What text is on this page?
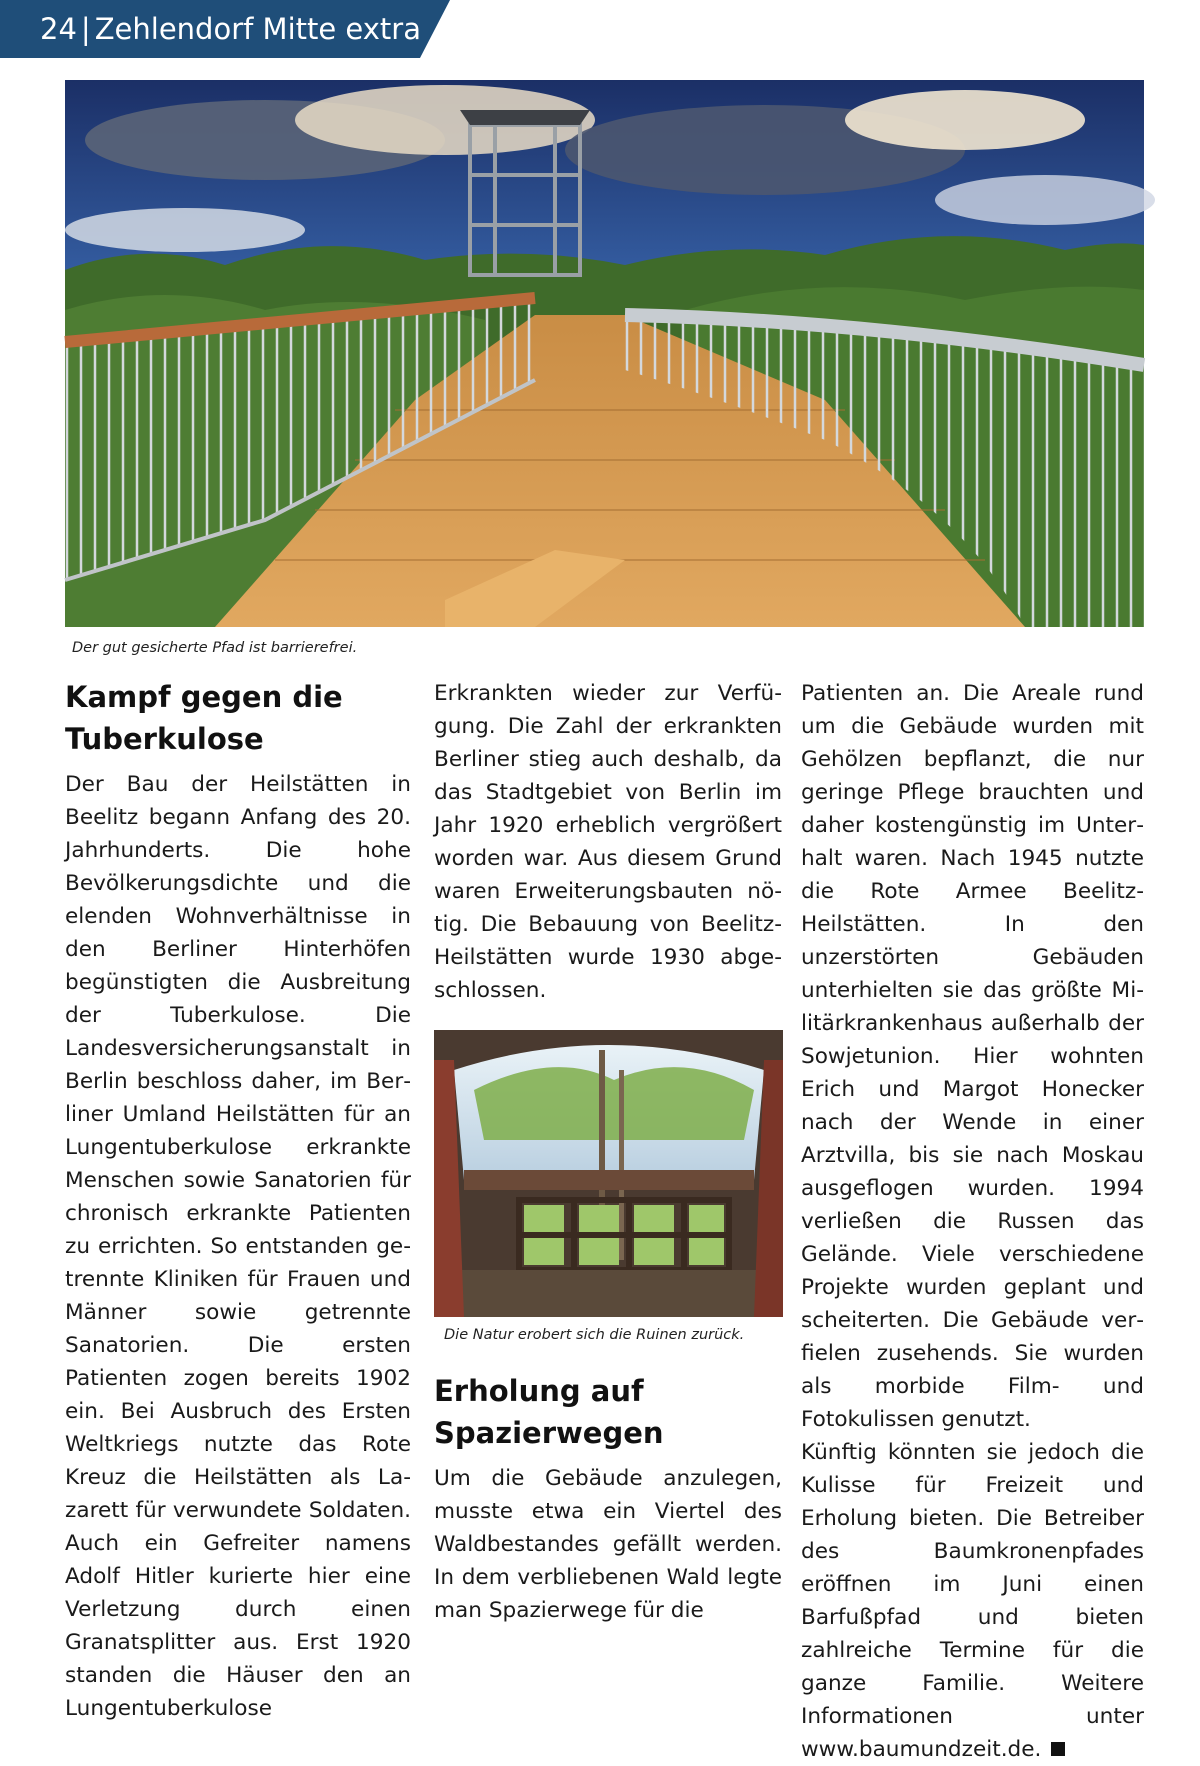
24 | Zehlendorf Mitte extra
Der gut gesicherte Pfad ist barrierefrei.
Kampf gegen die Tuberkulose

Der Bau der Heilstätten in Beelitz begann Anfang des 20. Jahrhunderts. Die hohe Bevölkerungsdichte und die elenden Wohnverhältnisse in den Berliner Hinterhöfen begünstigten die Ausbreitung der Tuberkulose. Die Landesversicherungsanstalt in Berlin beschloss daher, im Berliner Umland Heilstätten für an Lungentuberkulose erkrankte Menschen sowie Sanatorien für chronisch erkrankte Patienten zu errichten. So entstanden getrennte Kliniken für Frauen und Männer sowie getrennte Sanatorien. Die ersten Patienten zogen bereits 1902 ein. Bei Ausbruch des Ersten Weltkriegs nutzte das Rote Kreuz die Heilstätten als Lazarett für verwundete Soldaten. Auch ein Gefreiter namens Adolf Hitler kurierte hier eine Verletzung durch einen Granatsplitter aus. Erst 1920 standen die Häuser den an Lungentuberkulose

Erkrankten wieder zur Verfügung. Die Zahl der erkrankten Berliner stieg auch deshalb, da das Stadtgebiet von Berlin im Jahr 1920 erheblich vergrößert worden war. Aus diesem Grund waren Erweiterungsbauten nötig. Die Bebauung von Beelitz-Heilstätten wurde 1930 abgeschlossen.

Die Natur erobert sich die Ruinen zurück.
Erholung auf Spazierwegen

Um die Gebäude anzulegen, musste etwa ein Viertel des Waldbestandes gefällt werden. In dem verbliebenen Wald legte man Spazierwege für die

Patienten an. Die Areale rund um die Gebäude wurden mit Gehölzen bepflanzt, die nur geringe Pflege brauchten und daher kostengünstig im Unterhalt waren. Nach 1945 nutzte die Rote Armee Beelitz-Heilstätten. In den unzerstörten Gebäuden unterhielten sie das größte Militärkrankenhaus außerhalb der Sowjetunion. Hier wohnten Erich und Margot Honecker nach der Wende in einer Arztvilla, bis sie nach Moskau ausgeflogen wurden. 1994 verließen die Russen das Gelände. Viele verschiedene Projekte wurden geplant und scheiterten. Die Gebäude verfielen zusehends. Sie wurden als morbide Film- und Fotokulissen genutzt.

Künftig könnten sie jedoch die Kulisse für Freizeit und Erholung bieten. Die Betreiber des Baumkronenpfades eröffnen im Juni einen Barfußpfad und bieten zahlreiche Termine für die ganze Familie. Weitere Informationen unter www.baumundzeit.de.
